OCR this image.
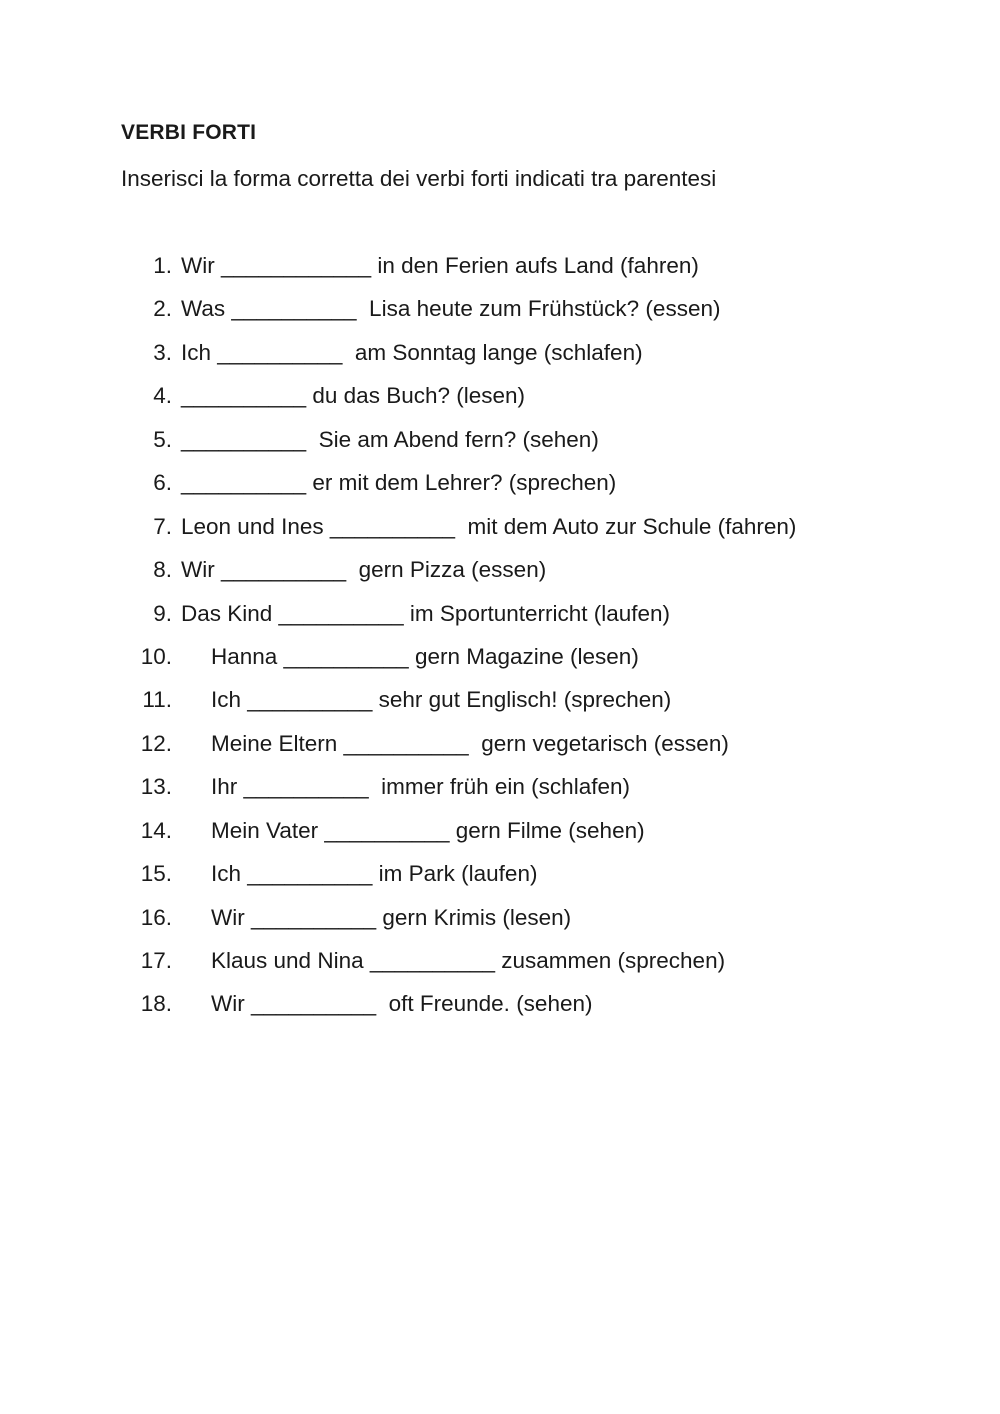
VERBI FORTI

Inserisci la forma corretta dei verbi forti indicati tra parentesi

1.

Wir ____________ in den Ferien aufs Land (fahren)

2.

Was __________  Lisa heute zum Frühstück? (essen)

3.

Ich __________  am Sonntag lange (schlafen)

4.

__________ du das Buch? (lesen)

5.

__________  Sie am Abend fern? (sehen)

6.

__________ er mit dem Lehrer? (sprechen)

7.

Leon und Ines __________  mit dem Auto zur Schule (fahren)

8.

Wir __________  gern Pizza (essen)

9.

Das Kind __________ im Sportunterricht (laufen)

10.

Hanna __________ gern Magazine (lesen)

11.

Ich __________ sehr gut Englisch! (sprechen)

12.

Meine Eltern __________  gern vegetarisch (essen)

13.

Ihr __________  immer früh ein (schlafen)

14.

Mein Vater __________ gern Filme (sehen)

15.

Ich __________ im Park (laufen)

16.

Wir __________ gern Krimis (lesen)

17.

Klaus und Nina __________ zusammen (sprechen)

18.

Wir __________  oft Freunde. (sehen)
